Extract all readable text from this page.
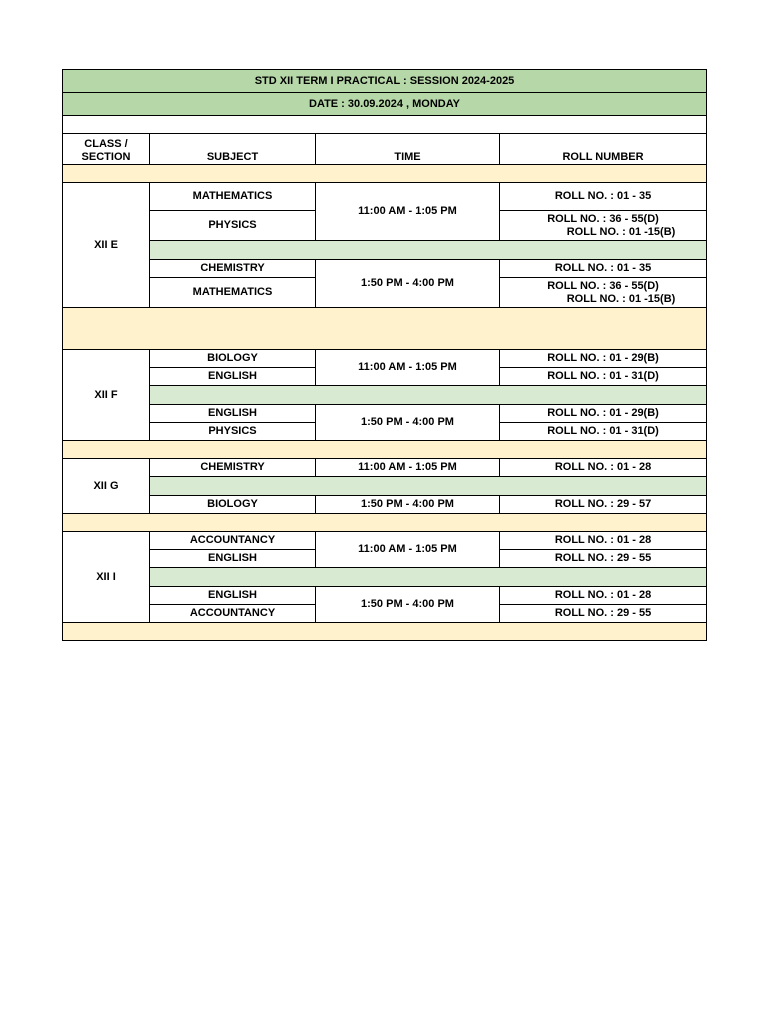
STD XII TERM I PRACTICAL : SESSION 2024-2025			
DATE : 30.09.2024 , MONDAY			

CLASS /
SECTION	SUBJECT	TIME	ROLL NUMBER

XII E	MATHEMATICS	11:00 AM - 1:05 PM	ROLL NO. : 01 - 35
	PHYSICS		ROLL NO. : 36 - 55(D)
ROLL NO. : 01 -15(B)

	CHEMISTRY	1:50 PM - 4:00 PM	ROLL NO. : 01 - 35
	MATHEMATICS		ROLL NO. : 36 - 55(D)
ROLL NO. : 01 -15(B)

XII F	BIOLOGY	11:00 AM - 1:05 PM	ROLL NO. : 01 - 29(B)
	ENGLISH		ROLL NO. : 01 - 31(D)

	ENGLISH	1:50 PM - 4:00 PM	ROLL NO. : 01 - 29(B)
	PHYSICS		ROLL NO. : 01 - 31(D)

XII G	CHEMISTRY	11:00 AM - 1:05 PM	ROLL NO. : 01 - 28

	BIOLOGY	1:50 PM - 4:00 PM	ROLL NO. : 29 - 57

XII I	ACCOUNTANCY	11:00 AM - 1:05 PM	ROLL NO. : 01 - 28
	ENGLISH		ROLL NO. : 29 - 55

	ENGLISH	1:50 PM - 4:00 PM	ROLL NO. : 01 - 28
	ACCOUNTANCY		ROLL NO. : 29 - 55
